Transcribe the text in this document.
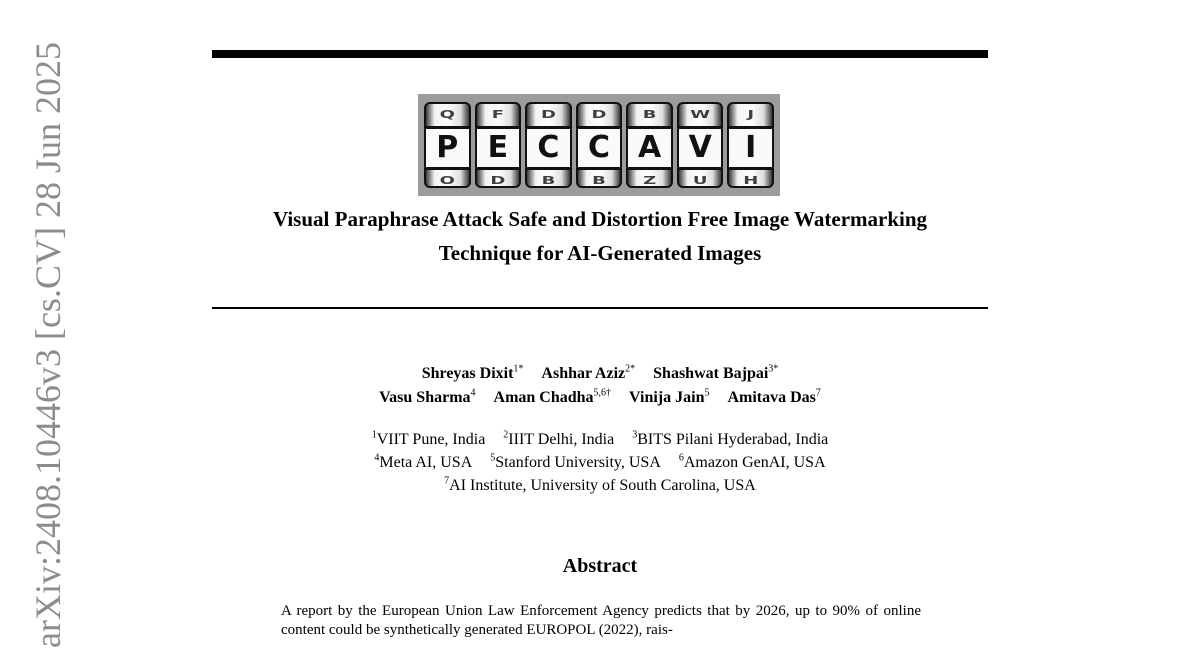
Q
P
O
F
E
D
D
C
B
D
C
B
B
A
Z
W
V
U
J
I
H
Visual Paraphrase Attack Safe and Distortion Free Image Watermarking
Technique for AI-Generated Images
Shreyas Dixit$^{1*}$ Ashhar Aziz$^{2*}$ Shashwat Bajpai$^{3*}$
Vasu Sharma$^4$ Aman Chadha$^{5,6\dagger}$ Vinija Jain$^5$ Amitava Das$^7$
$^1$VIIT Pune, India $^2$IIIT Delhi, India $^3$BITS Pilani Hyderabad, India
$^4$Meta AI, USA $^5$Stanford University, USA $^6$Amazon GenAI, USA
$^7$AI Institute, University of South Carolina, USA
Abstract
A report by the European Union Law Enforcement Agency predicts that by 2026, up to 90% of online content could be synthetically generated EUROPOL (2022), rais-
arXiv:2408.10446v3 [cs.CV] 28 Jun 2025
